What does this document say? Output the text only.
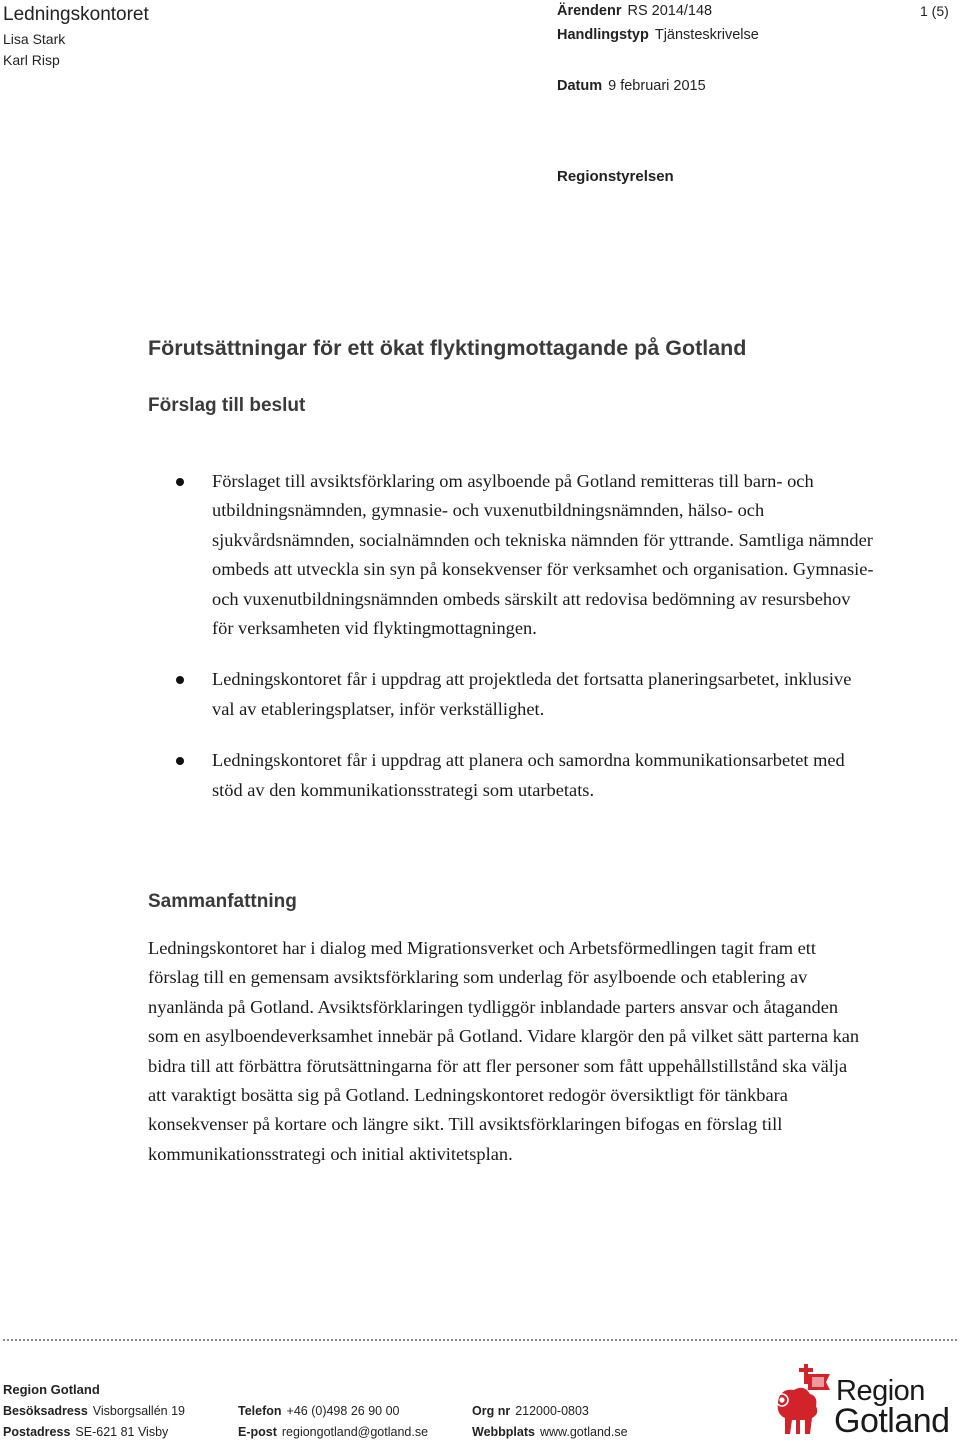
Ledningskontoret
Lisa Stark
Karl Risp
Ärendenr RS 2014/148
Handlingstyp Tjänsteskrivelse
Datum 9 februari 2015
1 (5)
Regionstyrelsen
Förutsättningar för ett ökat flyktingmottagande på Gotland
Förslag till beslut
Förslaget till avsiktsförklaring om asylboende på Gotland remitteras till barn- och utbildningsnämnden, gymnasie- och vuxenutbildningsnämnden, hälso- och sjukvårdsnämnden, socialnämnden och tekniska nämnden för yttrande. Samtliga nämnder ombeds att utveckla sin syn på konsekvenser för verksamhet och organisation. Gymnasie- och vuxenutbildningsnämnden ombeds särskilt att redovisa bedömning av resursbehov för verksamheten vid flyktingmottagningen.
Ledningskontoret får i uppdrag att projektleda det fortsatta planeringsarbetet, inklusive val av etableringsplatser, inför verkställighet.
Ledningskontoret får i uppdrag att planera och samordna kommunikationsarbetet med stöd av den kommunikationsstrategi som utarbetats.
Sammanfattning

Ledningskontoret har i dialog med Migrationsverket och Arbetsförmedlingen tagit fram ett förslag till en gemensam avsiktsförklaring som underlag för asylboende och etablering av nyanlända på Gotland. Avsiktsförklaringen tydliggör inblandade parters ansvar och åtaganden som en asylboendeverksamhet innebär på Gotland. Vidare klargör den på vilket sätt parterna kan bidra till att förbättra förutsättningarna för att fler personer som fått uppehållstillstånd ska välja att varaktigt bosätta sig på Gotland. Ledningskontoret redogör översiktligt för tänkbara konsekvenser på kortare och längre sikt. Till avsiktsförklaringen bifogas en förslag till kommunikationsstrategi och initial aktivitetsplan.

Region Gotland
Besöksadress Visborgsallén 19
Postadress SE-621 81 Visby
Telefon +46 (0)498 26 90 00
E-post regiongotland@gotland.se
Org nr 212000-0803
Webbplats www.gotland.se
Region
Gotland
